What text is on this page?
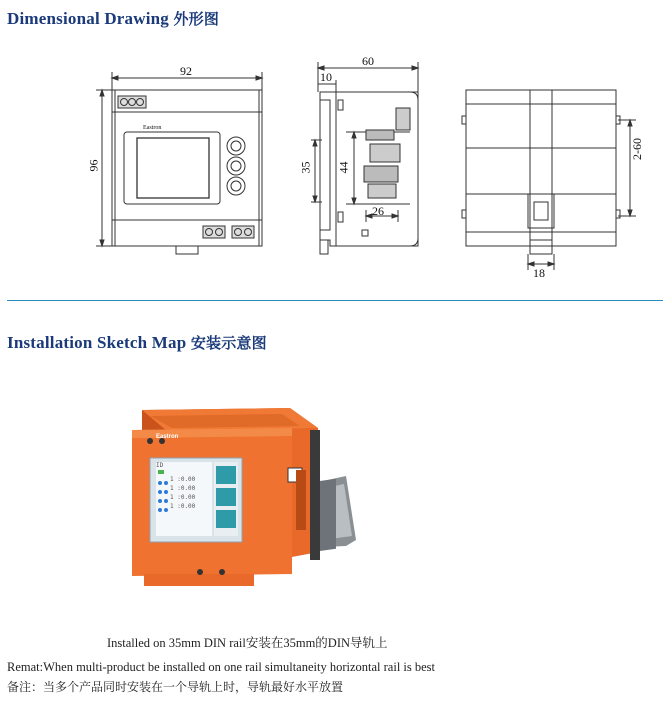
Dimensional Drawing 外形图
92
96
Eastron
60
10
35 44
26
2-60
18
Installation Sketch Map 安装示意图
ID
1 :0.00
1 :0.00
1 :0.00
1 :0.00
Eastron
Installed on 35mm DIN rail安装在35mm的DIN导轨上
Remat:When multi-product be installed on one rail simultaneity horizontal rail is best
备注：当多个产品同时安装在一个导轨上时，导轨最好水平放置
